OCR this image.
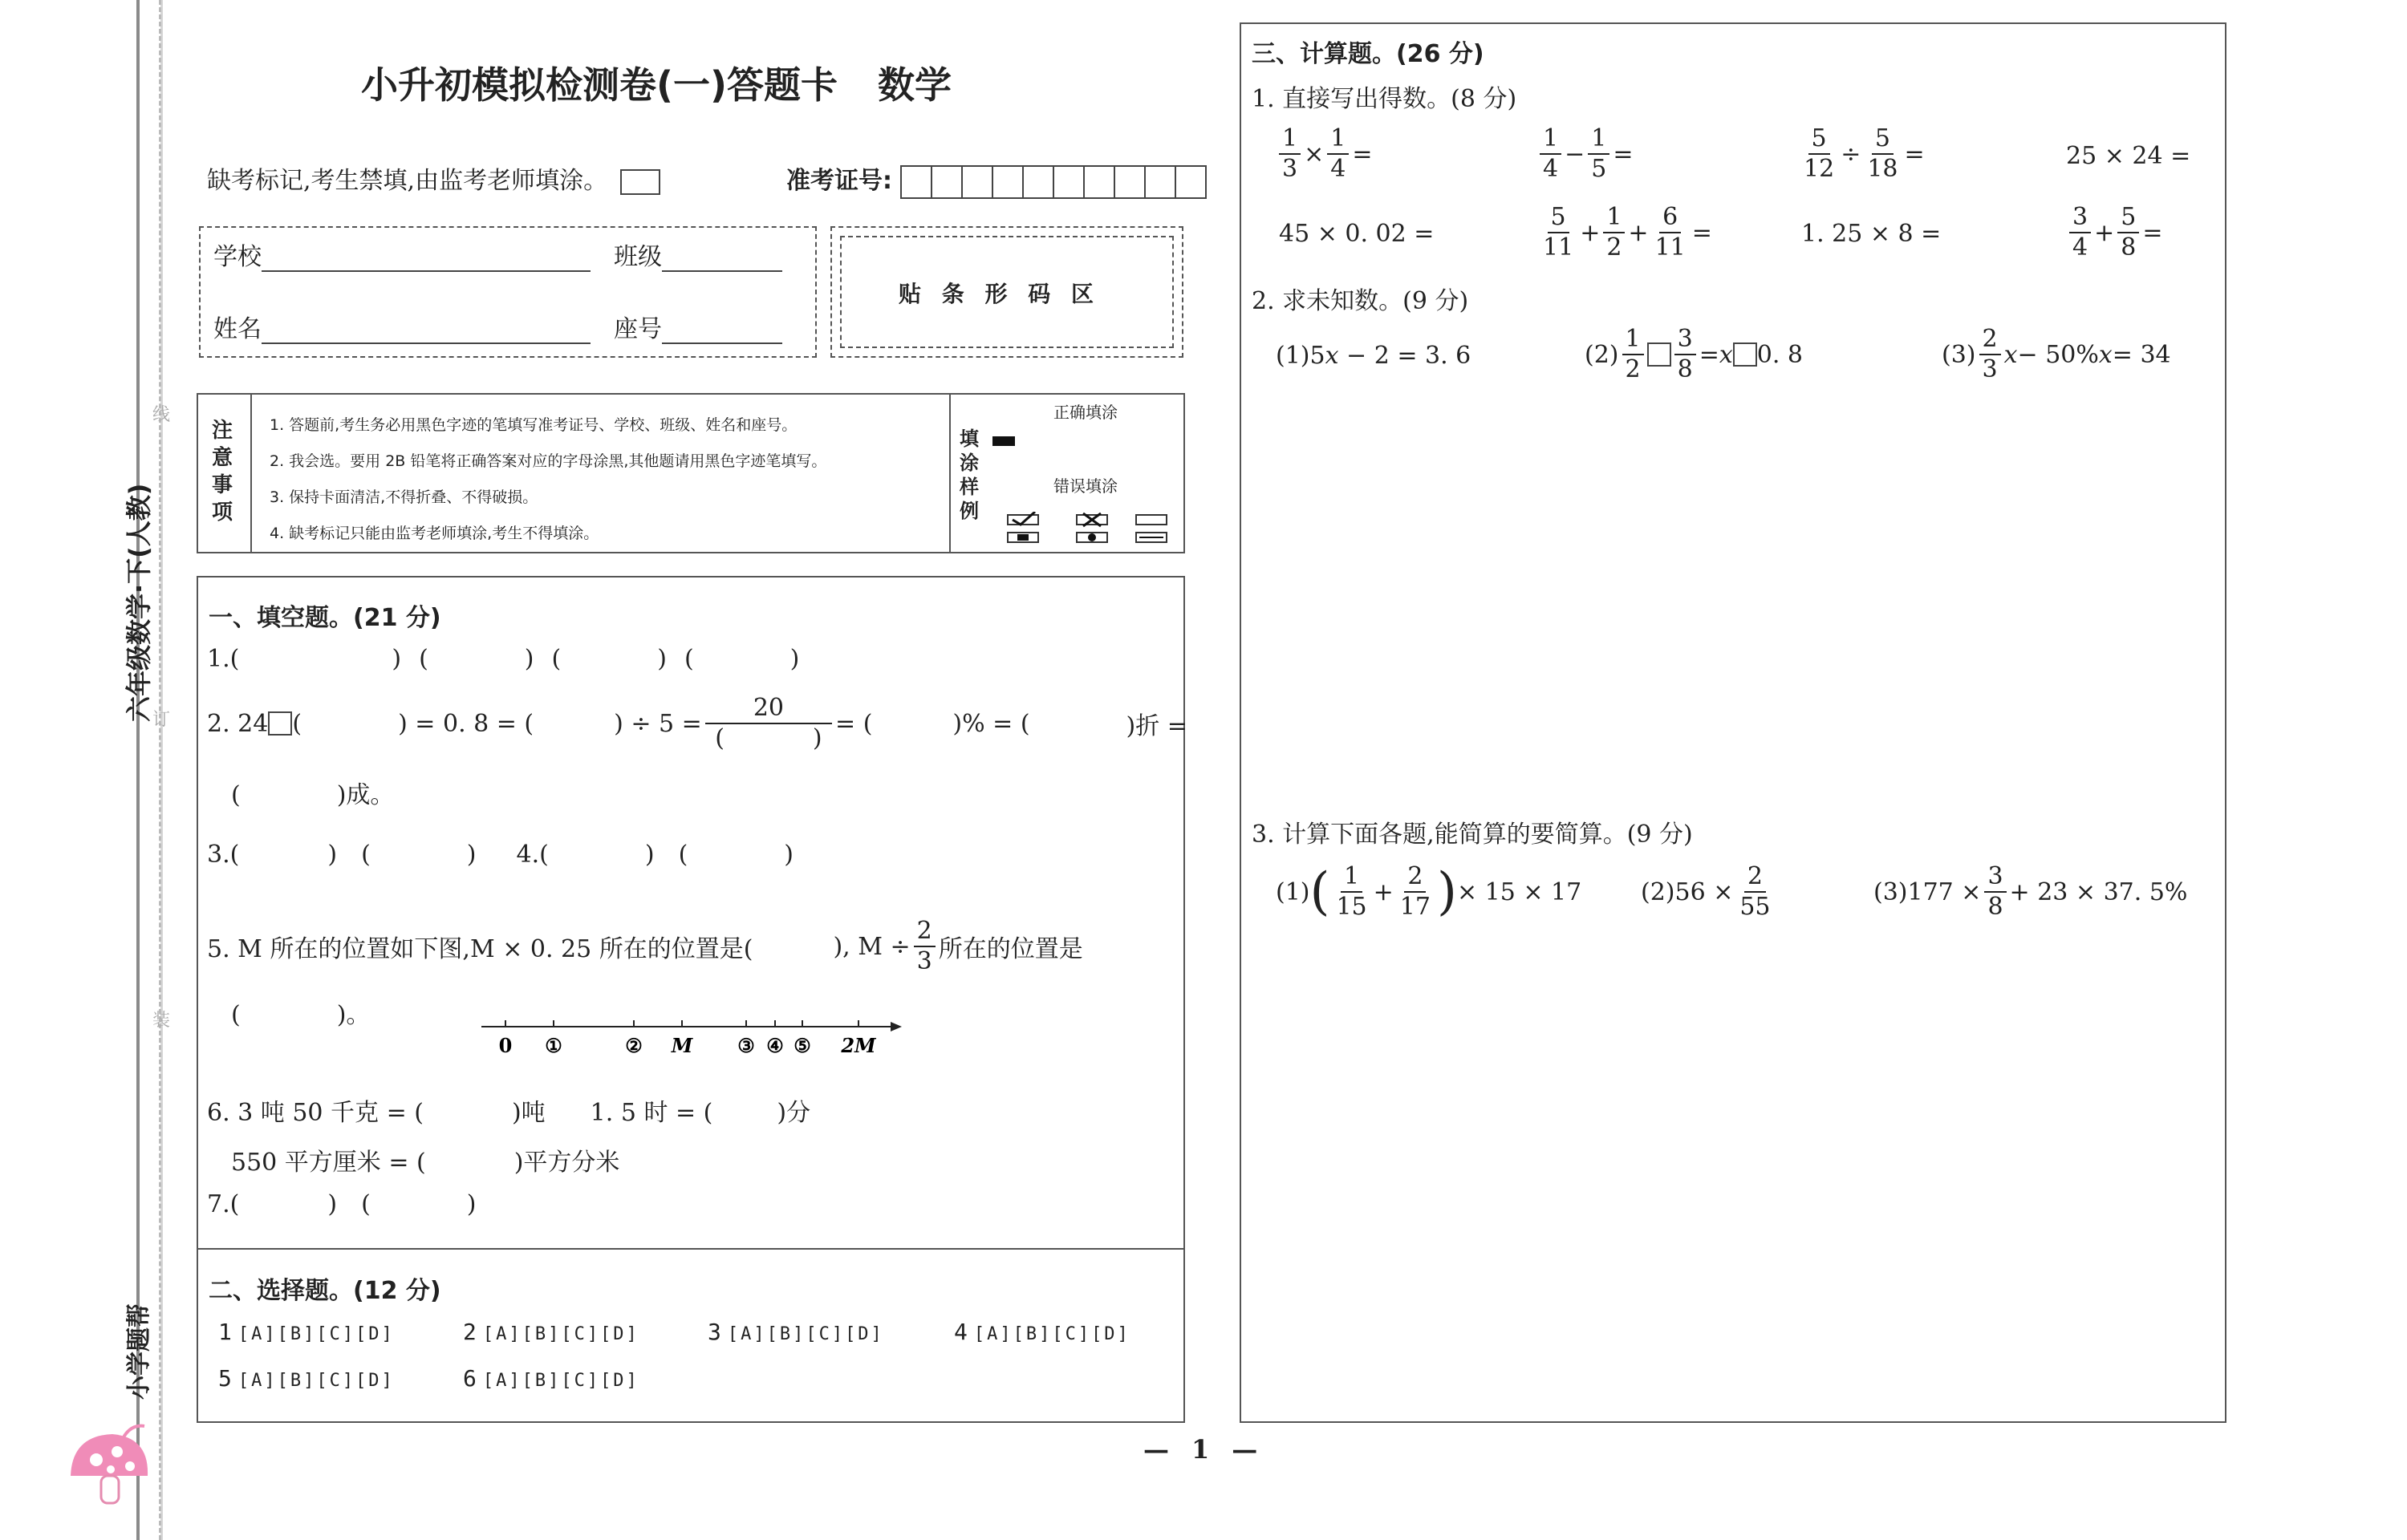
线
订
装
六年级数学·下(人教)
小学题帮
小升初模拟检测卷(一)答题卡 数学
缺考标记,考生禁填,由监考老师填涂。	准考证号:
学校	班级
姓名	座号
贴 条 形 码 区
注意事项
1. 答题前,考生务必用黑色字迹的笔填写准考证号、学校、班级、姓名和座号。
2. 我会选。要用 2B 铅笔将正确答案对应的字母涂黑,其他题请用黑色字迹笔填写。
3. 保持卡面清洁,不得折叠、不得破损。
4. 缺考标记只能由监考老师填涂,考生不得填涂。
填涂样例
正确填涂
错误填涂
一、填空题。(21 分)
1.(	) (	) (	) (	)
2. 24 (	) = 0. 8 = (	) ÷ 5 = 20
(	) = (	)% = (	)折 =
(	)成。
3.(	) (	) 4.(	) (	)
5. M 所在的位置如下图,M × 0. 25 所在的位置是(	), $M \div \frac{2}{3}$ 所在的位置是
(	)。
0 ①	② M ③ ④ ⑤ 2M
6. 3 吨 50 千克 = (	)吨 1. 5 时 = (	)分
550 平方厘米 = (	)平方分米
7.(	) (	)
二、选择题。(12 分)
1 [A][B][C][D]	2 [A][B][C][D]	3 [A][B][C][D]	4 [A][B][C][D]
5 [A][B][C][D]	6 [A][B][C][D]
三、计算题。(26 分)
1. 直接写出得数。(8 分)
$\frac{1}{3} \times \frac{1}{4}$ =	$\frac{1}{4} - \frac{1}{5}$ =	$\frac{5}{12} \div \frac{5}{18}$ =	25 × 24 =
45 × 0. 02 =	$\frac{5}{11} + \frac{1}{2} + \frac{6}{11}$ =	1. 25 × 8 =	$\frac{3}{4} + \frac{5}{8}$ =
2. 求未知数。(9 分)
(1)5x − 2 = 3. 6	$(2) \frac{1}{2} \frac{3}{8} = x$ 0. 8	$(3) \frac{2}{3}$ x − 50% x = 34
3. 计算下面各题,能简算的要简算。(9 分)
(1) ( $\frac{1}{15} + \frac{2}{17}$ ) × 15 × 17 $(2)56 \times \frac{2}{55}$	$(3)177 \times \frac{3}{8} + 23 \times 37$. 5%
— 1 —
